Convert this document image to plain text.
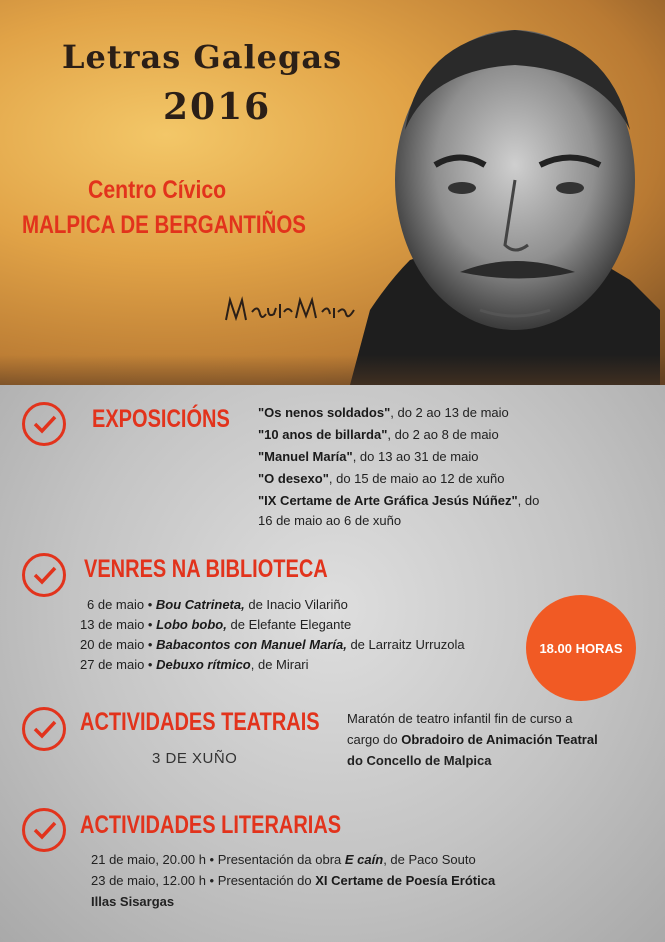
Letras Galegas
2016
Centro Cívico
MALPICA DE BERGANTIÑOS
EXPOSICIÓNS "Os nenos soldados", do 2 ao 13 de maio
"10 anos de billarda", do 2 ao 8 de maio
"Manuel María", do 13 ao 31 de maio
"O desexo", do 15 de maio ao 12 de xuño
"IX Certame de Arte Gráfica Jesús Núñez", do
16 de maio ao 6 de xuño
VENRES NA BIBLIOTECA
6 de maio • Bou Catrineta, de Inacio Vilariño
13 de maio • Lobo bobo, de Elefante Elegante
20 de maio • Babacontos con Manuel María, de Larraitz Urruzola
27 de maio • Debuxo rítmico, de Mirari
18.00 HORAS
ACTIVIDADES TEATRAIS
3 DE XUÑO
Maratón de teatro infantil fin de curso a
cargo do Obradoiro de Animación Teatral
do Concello de Malpica
ACTIVIDADES LITERARIAS
21 de maio, 20.00 h • Presentación da obra E caín, de Paco Souto
23 de maio, 12.00 h • Presentación do XI Certame de Poesía Erótica
Illas Sisargas
